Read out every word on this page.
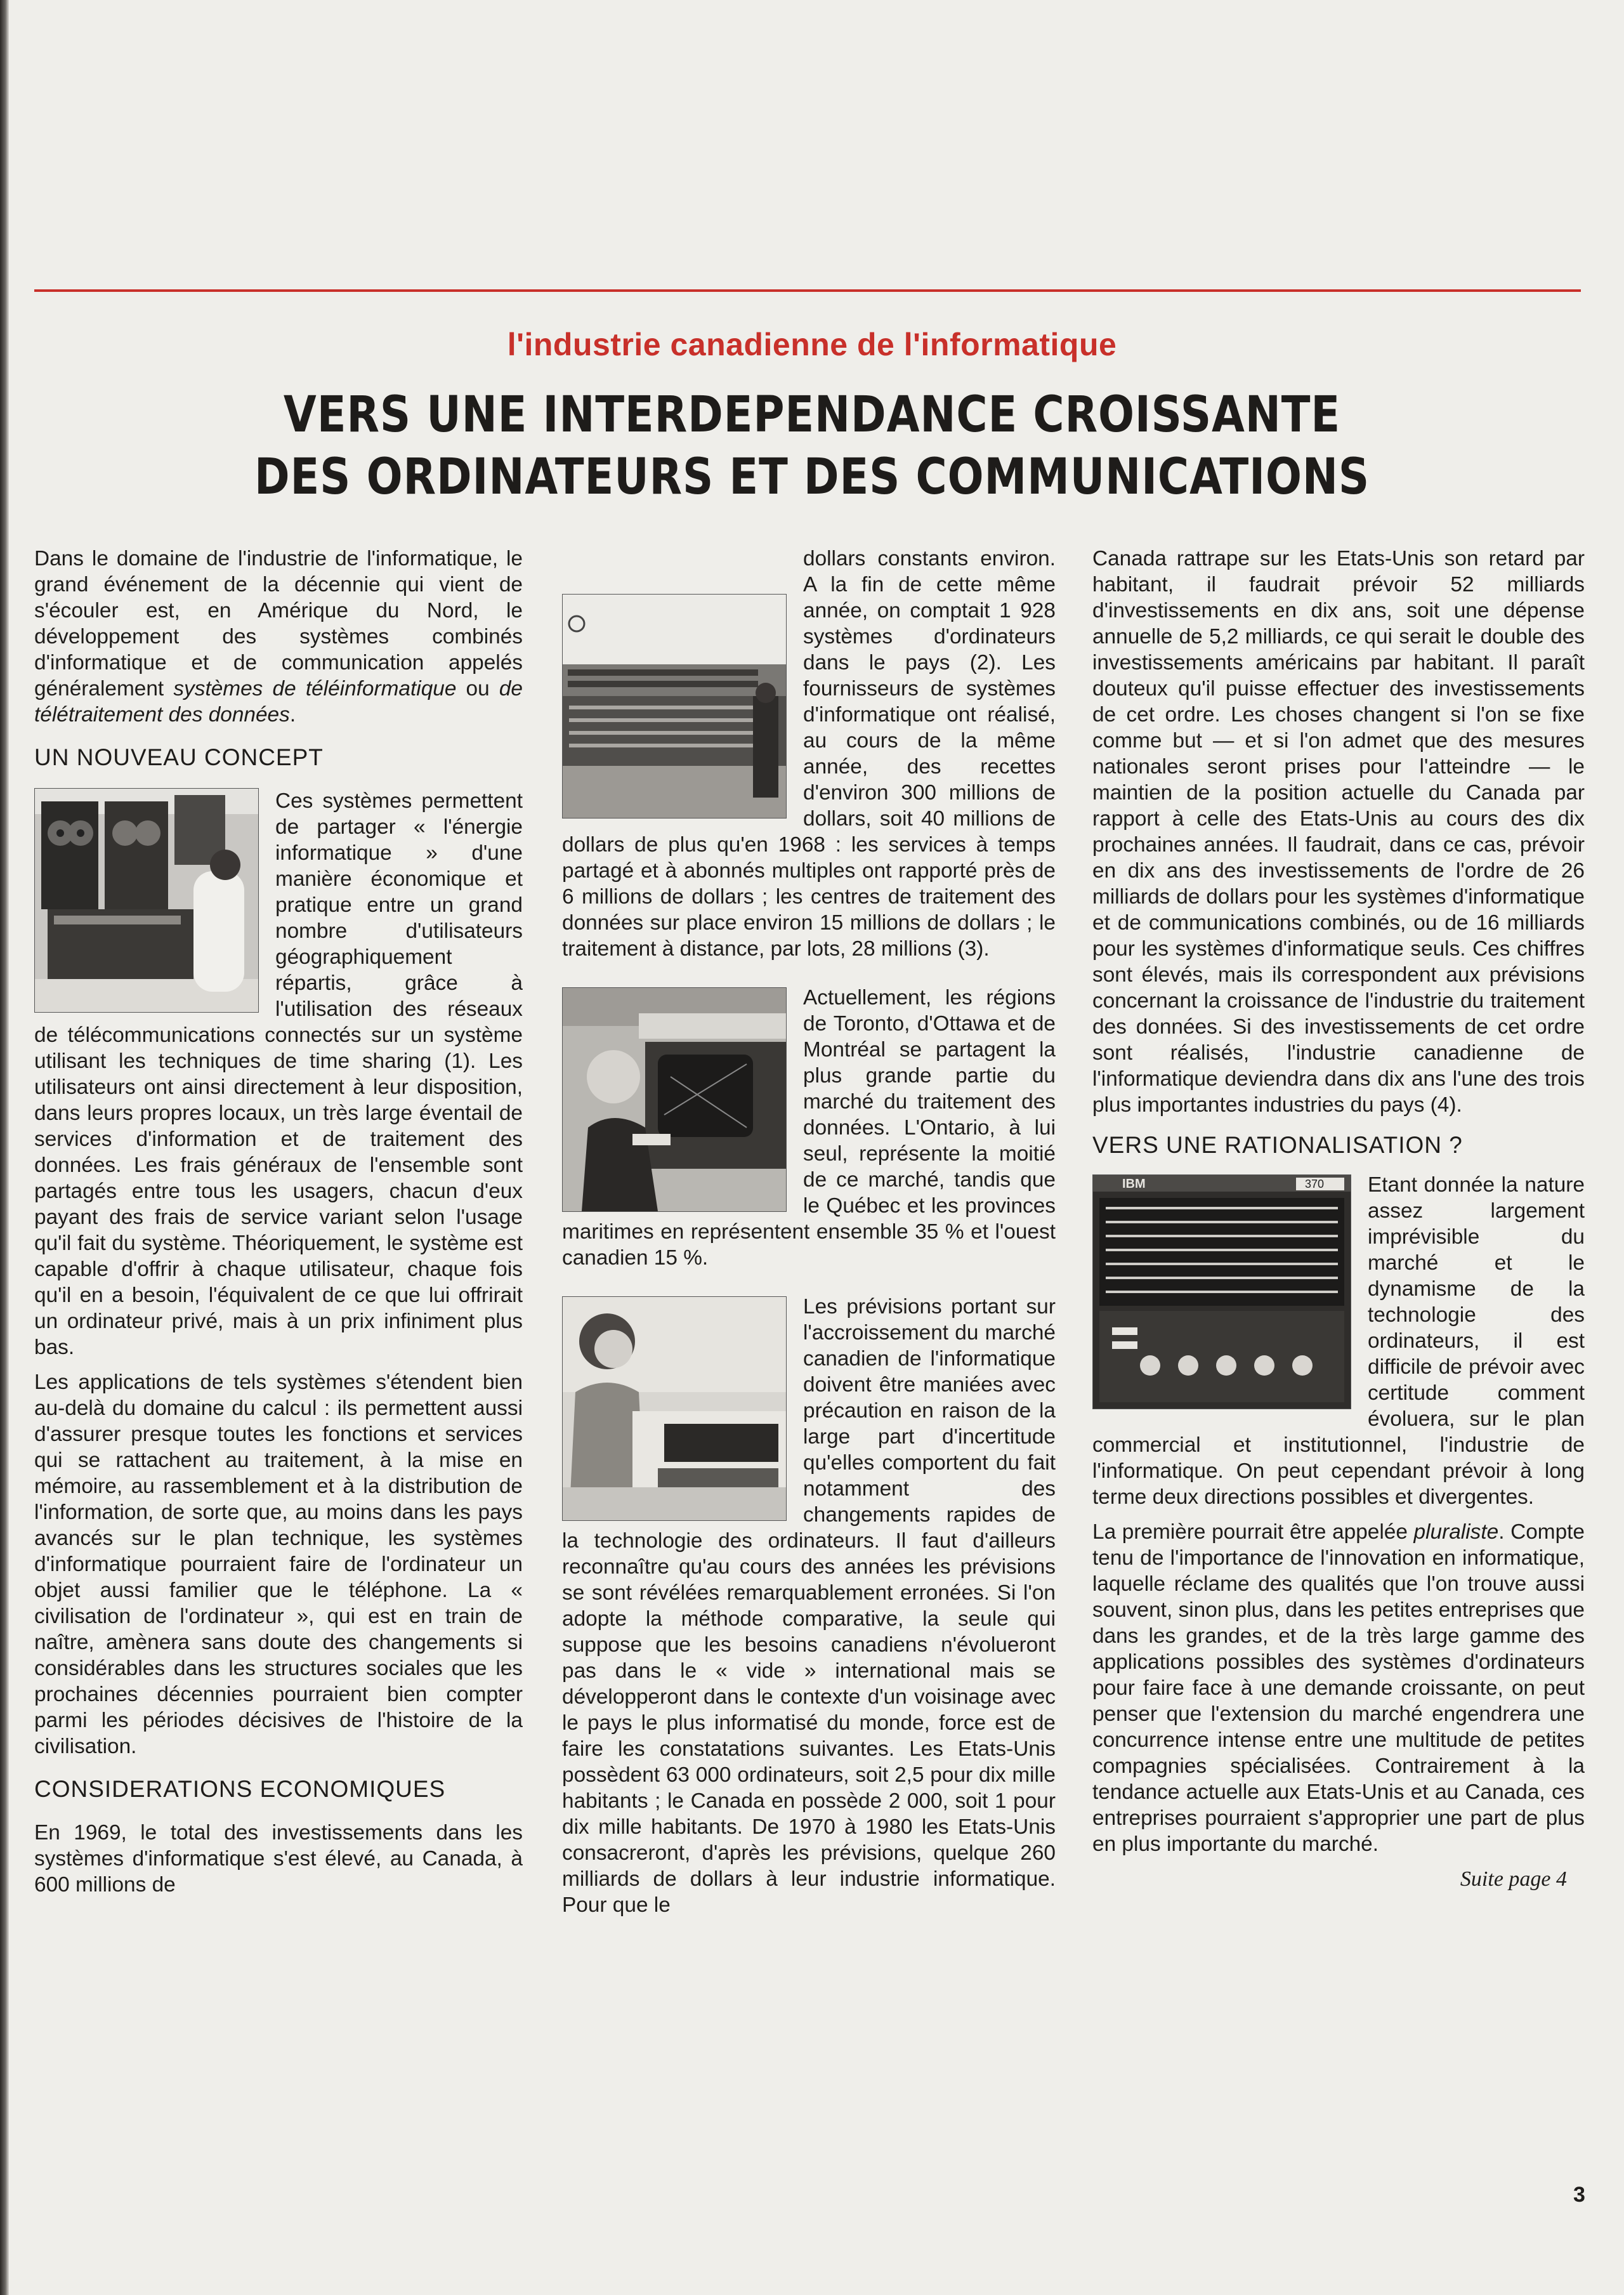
l'industrie canadienne de l'informatique
VERS UNE INTERDEPENDANCE CROISSANTE
DES ORDINATEURS ET DES COMMUNICATIONS

Dans le domaine de l'industrie de l'informatique, le grand événement de la décennie qui vient de s'écouler est, en Amérique du Nord, le développement des systèmes combinés d'informatique et de communication appelés généralement systèmes de téléinformatique ou de télétraitement des données.

UN NOUVEAU CONCEPT

Ces systèmes permettent de partager « l'énergie informatique » d'une manière économique et pratique entre un grand nombre d'utilisateurs géographiquement répartis, grâce à l'utilisation des réseaux de télécommunications connectés sur un système utilisant les techniques de time sharing (1). Les utilisateurs ont ainsi directement à leur disposition, dans leurs propres locaux, un très large éventail de services d'information et de traitement des données. Les frais généraux de l'ensemble sont partagés entre tous les usagers, chacun d'eux payant des frais de service variant selon l'usage qu'il fait du système. Théoriquement, le système est capable d'offrir à chaque utilisateur, chaque fois qu'il en a besoin, l'équivalent de ce que lui offrirait un ordinateur privé, mais à un prix infiniment plus bas.

Les applications de tels systèmes s'étendent bien au-delà du domaine du calcul : ils permettent aussi d'assurer presque toutes les fonctions et services qui se rattachent au traitement, à la mise en mémoire, au rassemblement et à la distribution de l'information, de sorte que, au moins dans les pays avancés sur le plan technique, les systèmes d'informatique pourraient faire de l'ordinateur un objet aussi familier que le téléphone. La « civilisation de l'ordinateur », qui est en train de naître, amènera sans doute des changements si considérables dans les structures sociales que les prochaines décennies pourraient bien compter parmi les périodes décisives de l'histoire de la civilisation.

CONSIDERATIONS ECONOMIQUES

En 1969, le total des investissements dans les systèmes d'informatique s'est élevé, au Canada, à 600 millions de

dollars constants environ. A la fin de cette même année, on comptait 1 928 systèmes d'ordinateurs dans le pays (2). Les fournisseurs de systèmes d'informatique ont réalisé, au cours de la même année, des recettes d'environ 300 millions de dollars, soit 40 millions de dollars de plus qu'en 1968 : les services à temps partagé et à abonnés multiples ont rapporté près de 6 millions de dollars ; les centres de traitement des données sur place environ 15 millions de dollars ; le traitement à distance, par lots, 28 millions (3).

Actuellement, les régions de Toronto, d'Ottawa et de Montréal se partagent la plus grande partie du marché du traitement des données. L'Ontario, à lui seul, représente la moitié de ce marché, tandis que le Québec et les provinces maritimes en représentent ensemble 35 % et l'ouest canadien 15 %.

Les prévisions portant sur l'accroissement du marché canadien de l'informatique doivent être maniées avec précaution en raison de la large part d'incertitude qu'elles comportent du fait notamment des changements rapides de la technologie des ordinateurs. Il faut d'ailleurs reconnaître qu'au cours des années les prévisions se sont révélées remarquablement erronées. Si l'on adopte la méthode comparative, la seule qui suppose que les besoins canadiens n'évolueront pas dans le « vide » international mais se développeront dans le contexte d'un voisinage avec le pays le plus informatisé du monde, force est de faire les constatations suivantes. Les Etats-Unis possèdent 63 000 ordinateurs, soit 2,5 pour dix mille habitants ; le Canada en possède 2 000, soit 1 pour dix mille habitants. De 1970 à 1980 les Etats-Unis consacreront, d'après les prévisions, quelque 260 milliards de dollars à leur industrie informatique. Pour que le

Canada rattrape sur les Etats-Unis son retard par habitant, il faudrait prévoir 52 milliards d'investissements en dix ans, soit une dépense annuelle de 5,2 milliards, ce qui serait le double des investissements américains par habitant. Il paraît douteux qu'il puisse effectuer des investissements de cet ordre. Les choses changent si l'on se fixe comme but — et si l'on admet que des mesures nationales seront prises pour l'atteindre — le maintien de la position actuelle du Canada par rapport à celle des Etats-Unis au cours des dix prochaines années. Il faudrait, dans ce cas, prévoir en dix ans des investissements de l'ordre de 26 milliards de dollars pour les systèmes d'informatique et de communications combinés, ou de 16 milliards pour les systèmes d'informatique seuls. Ces chiffres sont élevés, mais ils correspondent aux prévisions concernant la croissance de l'industrie du traitement des données. Si des investissements de cet ordre sont réalisés, l'industrie canadienne de l'informatique deviendra dans dix ans l'une des trois plus importantes industries du pays (4).

VERS UNE RATIONALISATION ?

IBM	370 Etant donnée la nature assez largement imprévisible du marché et le dynamisme de la technologie des ordinateurs, il est difficile de prévoir avec certitude comment évoluera, sur le plan commercial et institutionnel, l'industrie de l'informatique. On peut cependant prévoir à long terme deux directions possibles et divergentes.

La première pourrait être appelée pluraliste. Compte tenu de l'importance de l'innovation en informatique, laquelle réclame des qualités que l'on trouve aussi souvent, sinon plus, dans les petites entreprises que dans les grandes, et de la très large gamme des applications possibles des systèmes d'ordinateurs pour faire face à une demande croissante, on peut penser que l'extension du marché engendrera une concurrence intense entre une multitude de petites compagnies spécialisées. Contrairement à la tendance actuelle aux Etats-Unis et au Canada, ces entreprises pourraient s'approprier une part de plus en plus importante du marché.

Suite page 4
3
